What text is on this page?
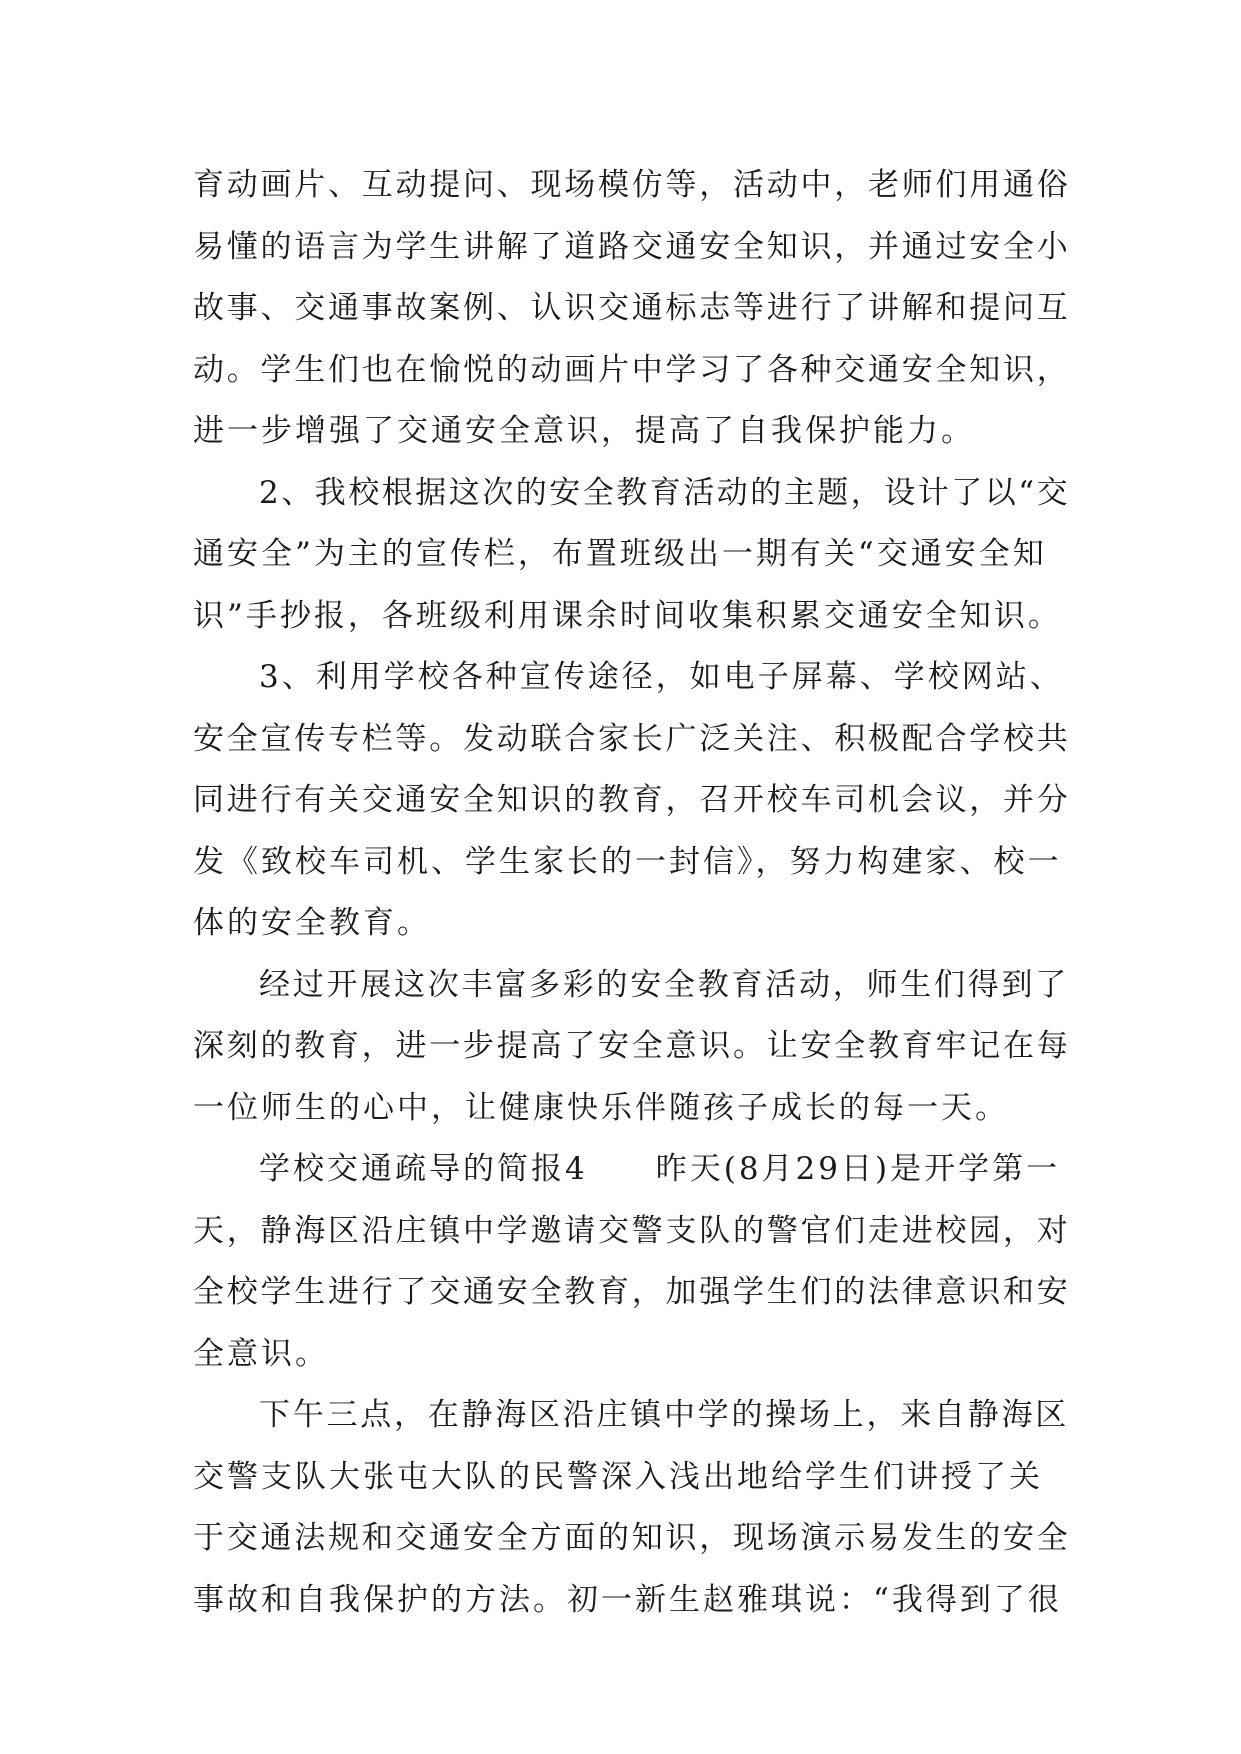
育动画片、互动提问、现场模仿等，活动中，老师们用通俗
易懂的语言为学生讲解了道路交通安全知识，并通过安全小
故事、交通事故案例、认识交通标志等进行了讲解和提问互
动。学生们也在愉悦的动画片中学习了各种交通安全知识，
进一步增强了交通安全意识，提高了自我保护能力。

2、我校根据这次的安全教育活动的主题，设计了以“交
通安全”为主的宣传栏，布置班级出一期有关“交通安全知
识”手抄报，各班级利用课余时间收集积累交通安全知识。

3、利用学校各种宣传途径，如电子屏幕、学校网站、
安全宣传专栏等。发动联合家长广泛关注、积极配合学校共
同进行有关交通安全知识的教育，召开校车司机会议，并分
发《致校车司机、学生家长的一封信》，努力构建家、校一
体的安全教育。

经过开展这次丰富多彩的安全教育活动，师生们得到了
深刻的教育，进一步提高了安全意识。让安全教育牢记在每
一位师生的心中，让健康快乐伴随孩子成长的每一天。

学校交通疏导的简报4　　昨天(8月29日)是开学第一
天，静海区沿庄镇中学邀请交警支队的警官们走进校园，对
全校学生进行了交通安全教育，加强学生们的法律意识和安
全意识。

下午三点，在静海区沿庄镇中学的操场上，来自静海区
交警支队大张屯大队的民警深入浅出地给学生们讲授了关
于交通法规和交通安全方面的知识，现场演示易发生的安全
事故和自我保护的方法。初一新生赵雅琪说：“我得到了很
